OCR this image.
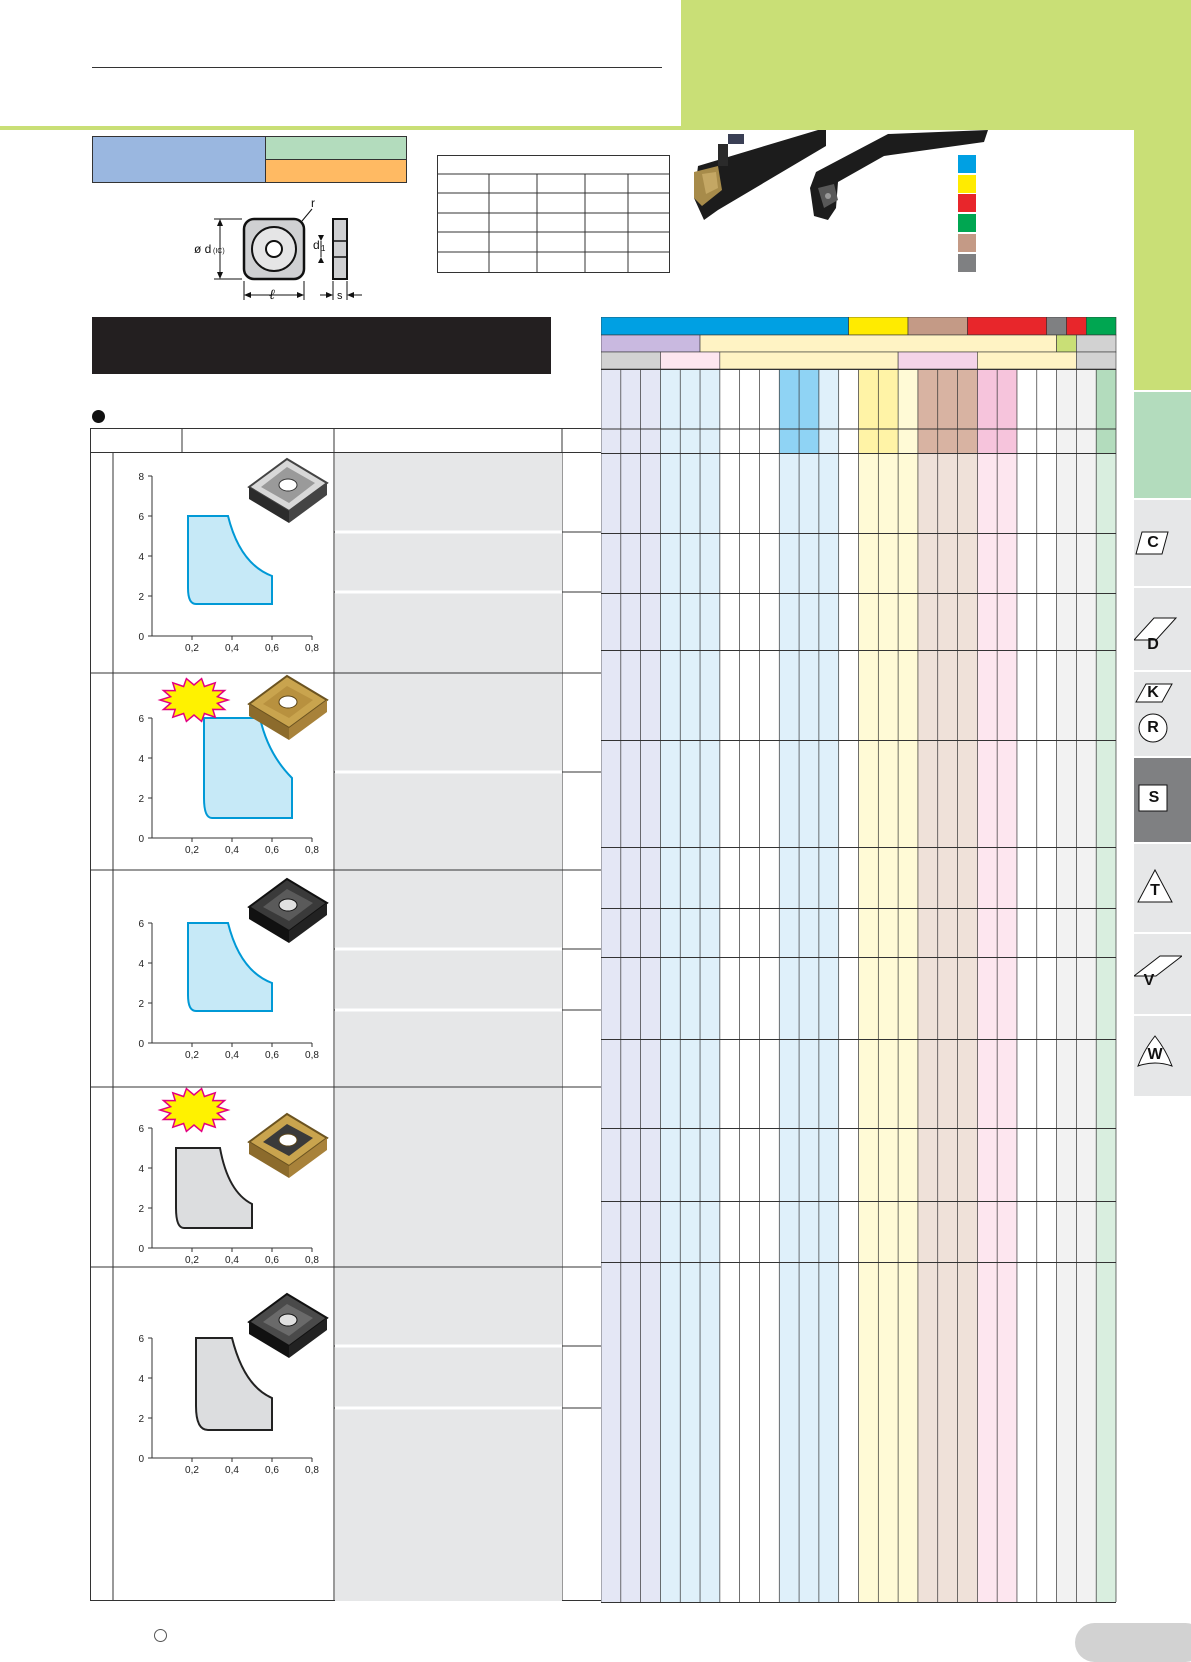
ø d (IC)
r
ℓ
d 1
s
0
2
4
6
8
0,2	0,4	0,6	0,8
0
2
4
6
0,2	0,4	0,6	0,8
0
2
4
6
0,2	0,4	0,6	0,8
0
2
4
6
0,2	0,4	0,6	0,8
0
2
4
6
0,2	0,4	0,6	0,8
C
D
K
R
S
T
V
W
